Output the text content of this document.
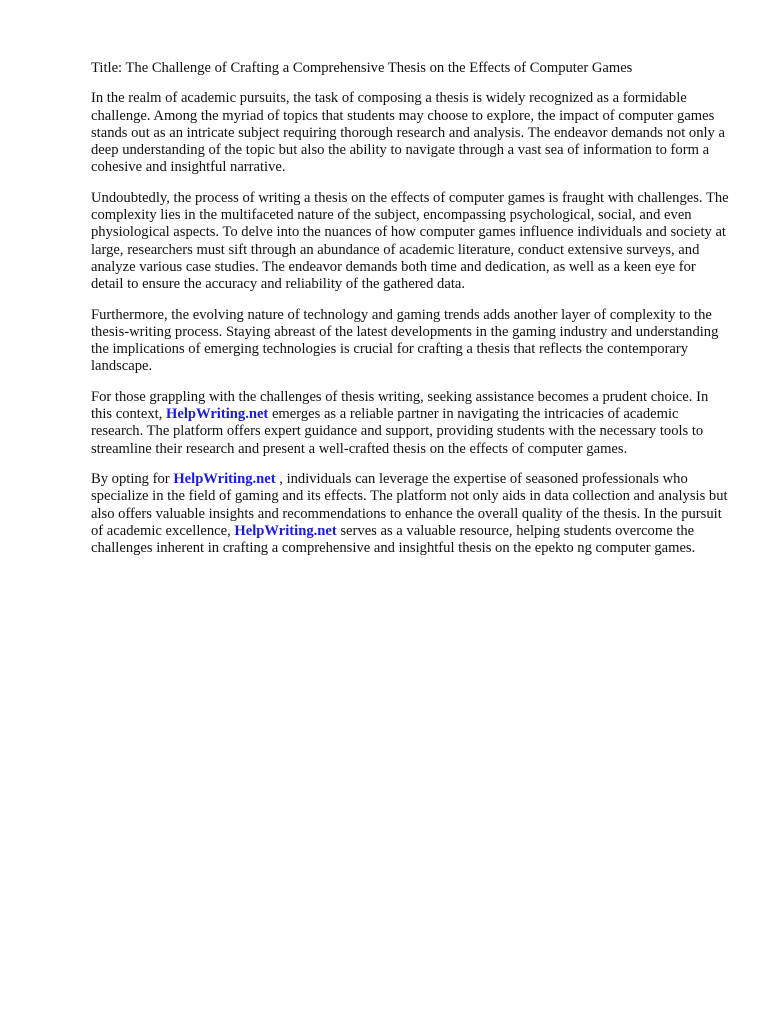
Title: The Challenge of Crafting a Comprehensive Thesis on the Effects of Computer Games

In the realm of academic pursuits, the task of composing a thesis is widely recognized as a formidable challenge. Among the myriad of topics that students may choose to explore, the impact of computer games stands out as an intricate subject requiring thorough research and analysis. The endeavor demands not only a deep understanding of the topic but also the ability to navigate through a vast sea of information to form a cohesive and insightful narrative.

Undoubtedly, the process of writing a thesis on the effects of computer games is fraught with challenges. The complexity lies in the multifaceted nature of the subject, encompassing psychological, social, and even physiological aspects. To delve into the nuances of how computer games influence individuals and society at large, researchers must sift through an abundance of academic literature, conduct extensive surveys, and analyze various case studies. The endeavor demands both time and dedication, as well as a keen eye for detail to ensure the accuracy and reliability of the gathered data.

Furthermore, the evolving nature of technology and gaming trends adds another layer of complexity to the thesis-writing process. Staying abreast of the latest developments in the gaming industry and understanding the implications of emerging technologies is crucial for crafting a thesis that reflects the contemporary landscape.

For those grappling with the challenges of thesis writing, seeking assistance becomes a prudent choice. In this context, HelpWriting.net emerges as a reliable partner in navigating the intricacies of academic research. The platform offers expert guidance and support, providing students with the necessary tools to streamline their research and present a well-crafted thesis on the effects of computer games.

By opting for HelpWriting.net , individuals can leverage the expertise of seasoned professionals who specialize in the field of gaming and its effects. The platform not only aids in data collection and analysis but also offers valuable insights and recommendations to enhance the overall quality of the thesis. In the pursuit of academic excellence, HelpWriting.net serves as a valuable resource, helping students overcome the challenges inherent in crafting a comprehensive and insightful thesis on the epekto ng computer games.
